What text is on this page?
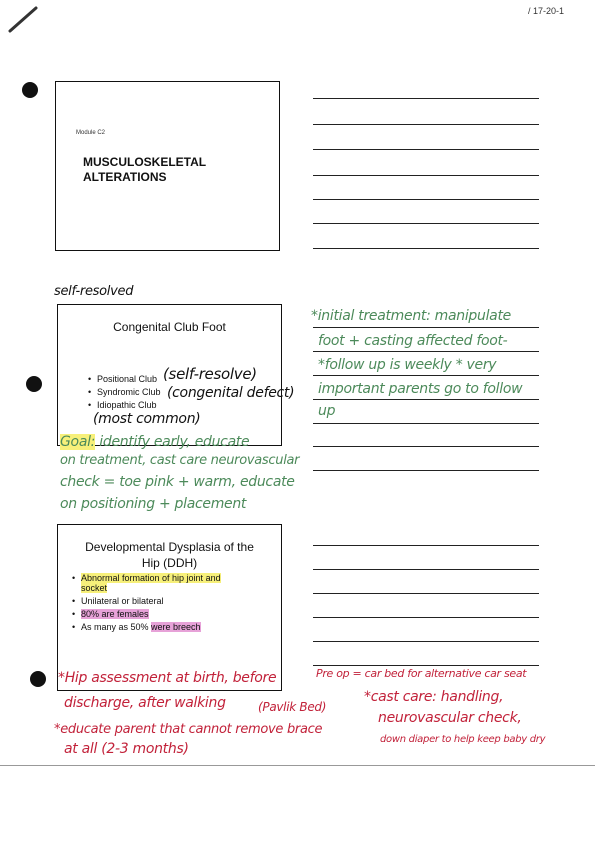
/ 17-20-1
Module C2
MUSCULOSKELETAL
ALTERATIONS
self-resolved
Congenital Club Foot
• Positional Club
• Syndromic Club
• Idiopathic Club
(self-resolve)
(congenital defect)
(most common)
*initial treatment: manipulate
foot + casting affected foot-
*follow up is weekly * very
important parents go to follow
up
Goal: identify early, educate
on treatment, cast care neurovascular
check = toe pink + warm, educate
on positioning + placement
Developmental Dysplasia of the
Hip (DDH)
• Abnormal formation of hip joint and
socket
• Unilateral or bilateral
• 80% are females
• As many as 50% were breech
*Hip assessment at birth, before
discharge, after walking	(Pavlik Bed)
*educate parent that cannot remove brace
at all (2-3 months)
Pre op = car bed for alternative car seat
*cast care: handling,
neurovascular check,
down diaper to help keep baby dry
